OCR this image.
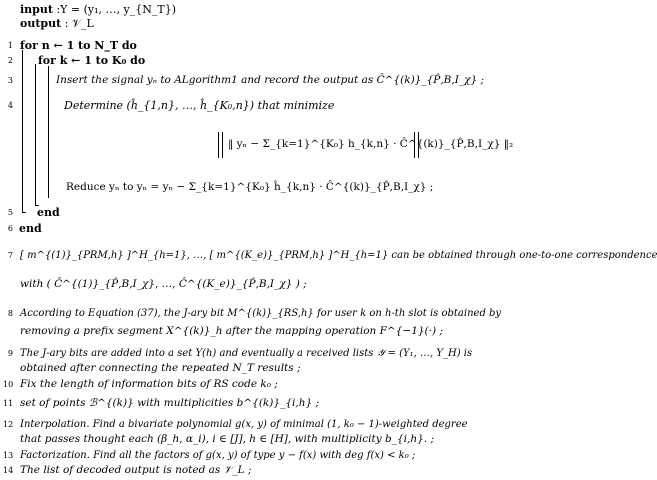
input :Y = (y₁, …, y_{N_T})
output : 𝒱_L
1 for n ← 1 to N_T do
2 for k ← 1 to K₀ do
3	Insert the signal yₙ to ALgorithm1 and record the output as Ĉ^{(k)}_{P̂,B,I_χ} ;
4	Determine (ĥ_{1,n}, …, ĥ_{K₀,n}) that minimize
‖ yₙ − Σ_{k=1}^{K₀} h_{k,n} · Ĉ^{(k)}_{P̂,B,I_χ} ‖₂
Reduce yₙ to yₙ = yₙ − Σ_{k=1}^{K₀} ĥ_{k,n} · Ĉ^{(k)}_{P̂,B,I_χ} ;
5 end
6 end
7 [ m^{(1)}_{PRM,h} ]^H_{h=1}, …, [ m^{(K_e)}_{PRM,h} ]^H_{h=1} can be obtained through one-to-one correspondence
with ( Ĉ^{(1)}_{P̂,B,I_χ}, …, Ĉ^{(K_e)}_{P̂,B,I_χ} ) ;
8 According to Equation (37), the J-ary bit M^{(k)}_{RS,h} for user k on h-th slot is obtained by
removing a prefix segment X^{(k)}_h after the mapping operation F^{−1}(·) ;
9 The J-ary bits are added into a set Y(h) and eventually a received lists 𝒴 = (Y₁, …, Y_H) is
obtained after connecting the repeated N_T results ;
10 Fix the length of information bits of RS code k₀ ;
11 set of points ℬ^{(k)} with multiplicities b^{(k)}_{i,h} ;
12 Interpolation. Find a bivariate polynomial g(x, y) of minimal (1, k₀ − 1)-weighted degree
that passes thought each (β_h, α_i), i ∈ [J], h ∈ [H], with multiplicity b_{i,h}. ;
13 Factorization. Find all the factors of g(x, y) of type y − f(x) with deg f(x) < k₀ ;
14 The list of decoded output is noted as 𝒱_L ;
